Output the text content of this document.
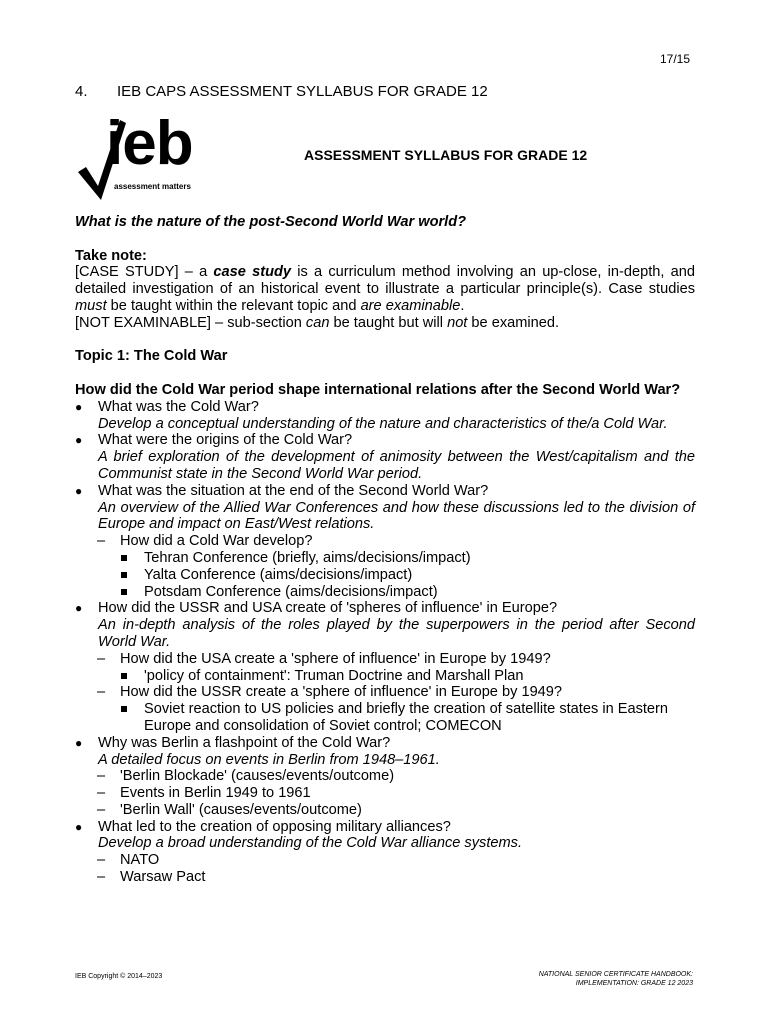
17/15
4. IEB CAPS ASSESSMENT SYLLABUS FOR GRADE 12
ieb
assessment matters
ASSESSMENT SYLLABUS FOR GRADE 12

What is the nature of the post-Second World War world?

Take note:

[CASE STUDY] – a case study is a curriculum method involving an up-close, in-depth, and detailed investigation of an historical event to illustrate a particular principle(s). Case studies must be taught within the relevant topic and are examinable.

[NOT EXAMINABLE] – sub-section can be taught but will not be examined.

Topic 1: The Cold War

How did the Cold War period shape international relations after the Second World War?

● What was the Cold War?
Develop a conceptual understanding of the nature and characteristics of the/a Cold War.
● What were the origins of the Cold War?
A brief exploration of the development of animosity between the West/capitalism and the Communist state in the Second World War period.
● What was the situation at the end of the Second World War?
An overview of the Allied War Conferences and how these discussions led to the division of Europe and impact on East/West relations.
– How did a Cold War develop?
Tehran Conference (briefly, aims/decisions/impact)
Yalta Conference (aims/decisions/impact)
Potsdam Conference (aims/decisions/impact)
● How did the USSR and USA create of 'spheres of influence' in Europe?
An in-depth analysis of the roles played by the superpowers in the period after Second World War.
– How did the USA create a 'sphere of influence' in Europe by 1949?
'policy of containment': Truman Doctrine and Marshall Plan
– How did the USSR create a 'sphere of influence' in Europe by 1949?
Soviet reaction to US policies and briefly the creation of satellite states in Eastern Europe and consolidation of Soviet control; COMECON
● Why was Berlin a flashpoint of the Cold War?
A detailed focus on events in Berlin from 1948–1961.
– 'Berlin Blockade' (causes/events/outcome)
– Events in Berlin 1949 to 1961
– 'Berlin Wall' (causes/events/outcome)
● What led to the creation of opposing military alliances?
Develop a broad understanding of the Cold War alliance systems.
– NATO
– Warsaw Pact
IEB Copyright © 2014–2023	NATIONAL SENIOR CERTIFICATE HANDBOOK:
IMPLEMENTATION: GRADE 12 2023
